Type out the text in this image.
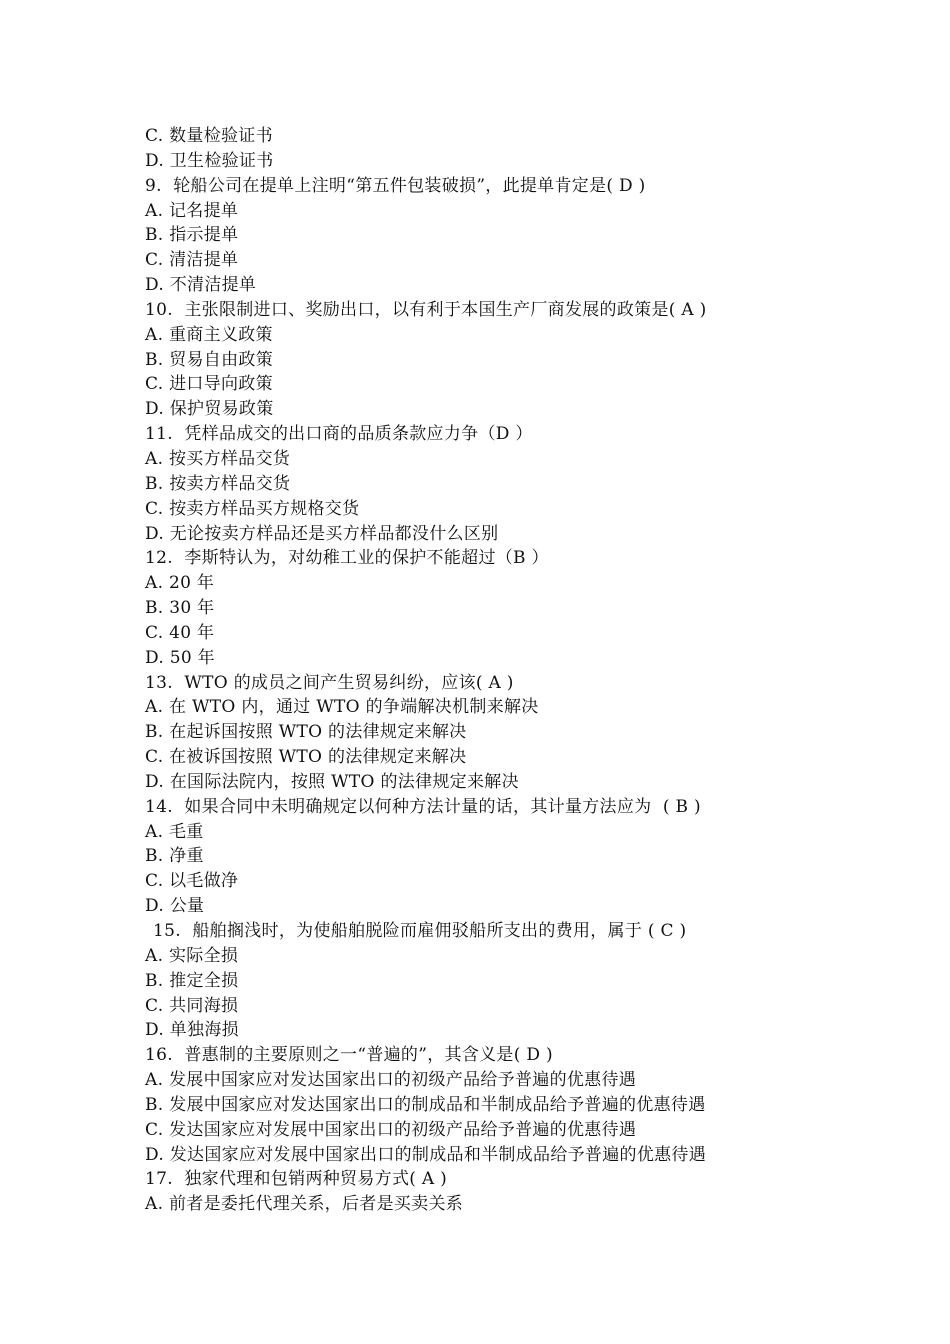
C. 数量检验证书
D. 卫生检验证书
9.  轮船公司在提单上注明“第五件包装破损”，此提单肯定是( D )
A. 记名提单
B. 指示提单
C. 清洁提单
D. 不清洁提单
10.  主张限制进口、奖励出口，以有利于本国生产厂商发展的政策是( A )
A. 重商主义政策
B. 贸易自由政策
C. 进口导向政策
D. 保护贸易政策
11.  凭样品成交的出口商的品质条款应力争（D ）
A. 按买方样品交货
B. 按卖方样品交货
C. 按卖方样品买方规格交货
D. 无论按卖方样品还是买方样品都没什么区别
12.  李斯特认为，对幼稚工业的保护不能超过（B ）
A. 20 年
B. 30 年
C. 40 年
D. 50 年
13.  WTO 的成员之间产生贸易纠纷，应该( A )
A. 在 WTO 内，通过 WTO 的争端解决机制来解决
B. 在起诉国按照 WTO 的法律规定来解决
C. 在被诉国按照 WTO 的法律规定来解决
D. 在国际法院内，按照 WTO 的法律规定来解决
14.  如果合同中未明确规定以何种方法计量的话，其计量方法应为  ( B )
A. 毛重
B. 净重
C. 以毛做净
D. 公量
15.  船舶搁浅时，为使船舶脱险而雇佣驳船所支出的费用，属于 ( C )
A. 实际全损
B. 推定全损
C. 共同海损
D. 单独海损
16.  普惠制的主要原则之一“普遍的”，其含义是( D )
A. 发展中国家应对发达国家出口的初级产品给予普遍的优惠待遇
B. 发展中国家应对发达国家出口的制成品和半制成品给予普遍的优惠待遇
C. 发达国家应对发展中国家出口的初级产品给予普遍的优惠待遇
D. 发达国家应对发展中国家出口的制成品和半制成品给予普遍的优惠待遇
17.  独家代理和包销两种贸易方式( A )
A. 前者是委托代理关系，后者是买卖关系
